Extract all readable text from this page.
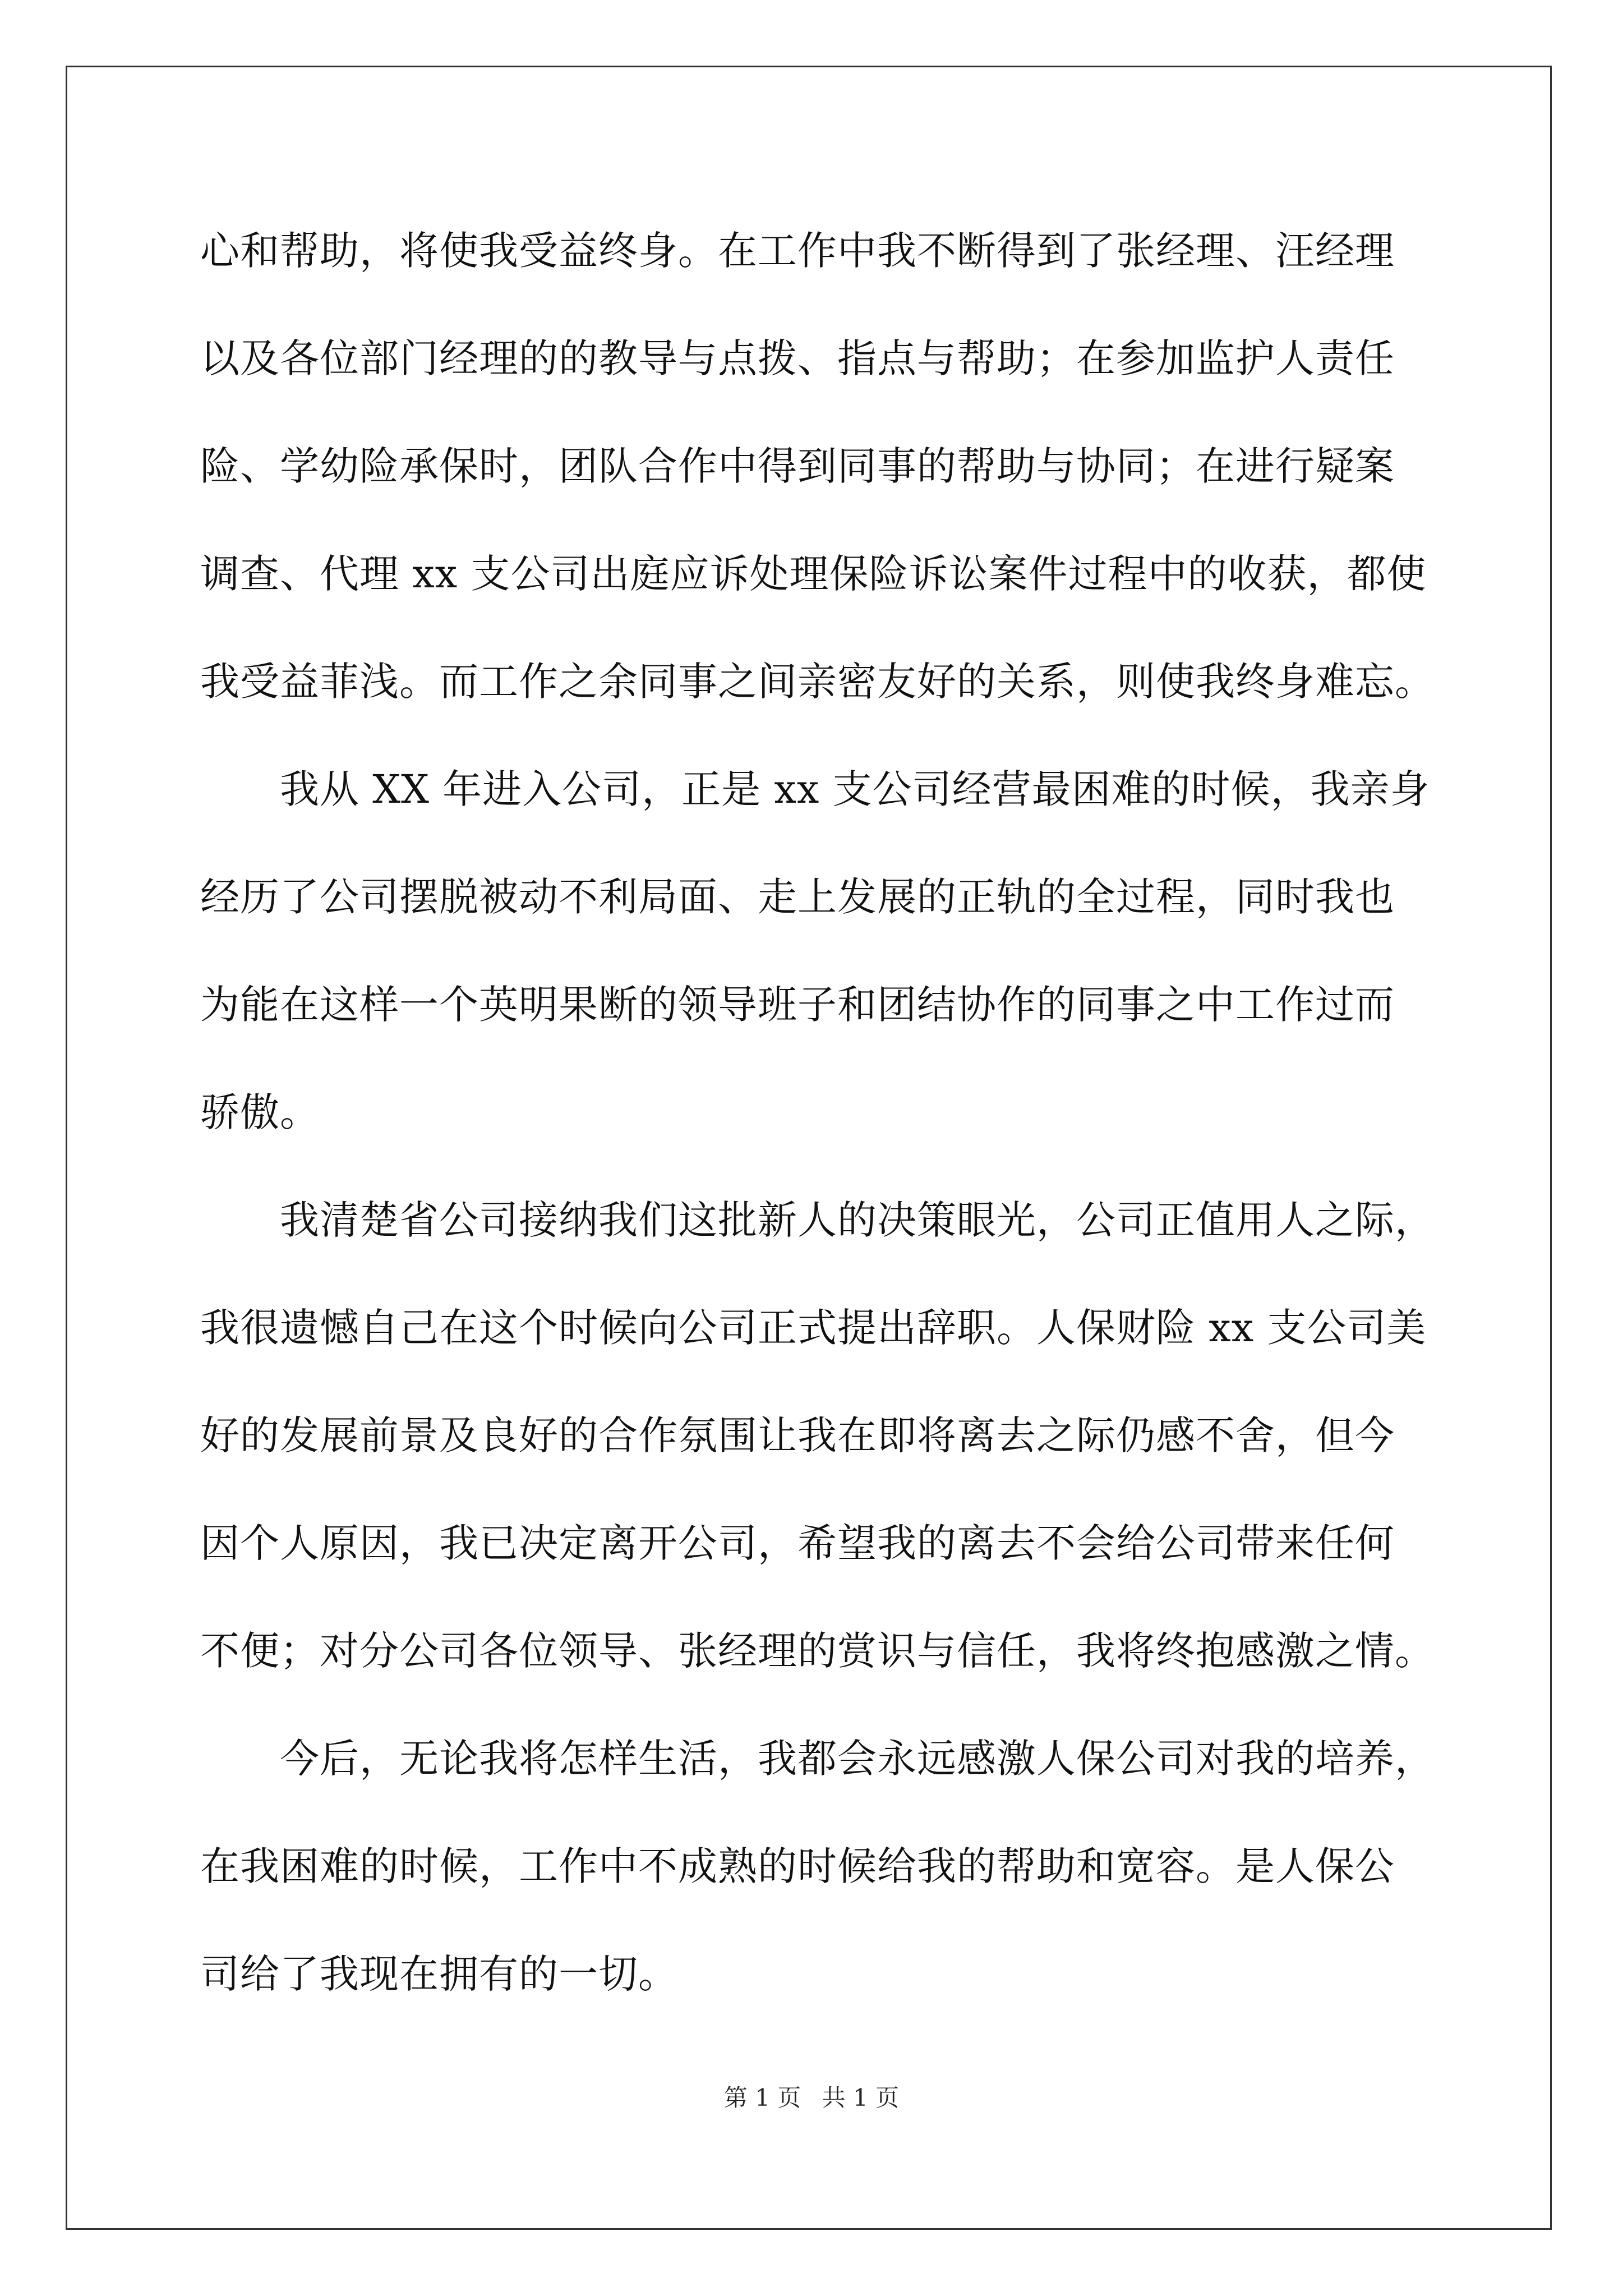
心和帮助，将使我受益终身。在工作中我不断得到了张经理、汪经理
以及各位部门经理的的教导与点拨、指点与帮助；在参加监护人责任
险、学幼险承保时，团队合作中得到同事的帮助与协同；在进行疑案
调查、代理 xx 支公司出庭应诉处理保险诉讼案件过程中的收获，都使
我受益菲浅。而工作之余同事之间亲密友好的关系，则使我终身难忘。
　　我从 XX 年进入公司，正是 xx 支公司经营最困难的时候，我亲身
经历了公司摆脱被动不利局面、走上发展的正轨的全过程，同时我也
为能在这样一个英明果断的领导班子和团结协作的同事之中工作过而
骄傲。
　　我清楚省公司接纳我们这批新人的决策眼光，公司正值用人之际，
我很遗憾自己在这个时候向公司正式提出辞职。人保财险 xx 支公司美
好的发展前景及良好的合作氛围让我在即将离去之际仍感不舍，但今
因个人原因，我已决定离开公司，希望我的离去不会给公司带来任何
不便；对分公司各位领导、张经理的赏识与信任，我将终抱感激之情。
　　今后，无论我将怎样生活，我都会永远感激人保公司对我的培养，
在我困难的时候，工作中不成熟的时候给我的帮助和宽容。是人保公
司给了我现在拥有的一切。
第 1 页 共 1 页
